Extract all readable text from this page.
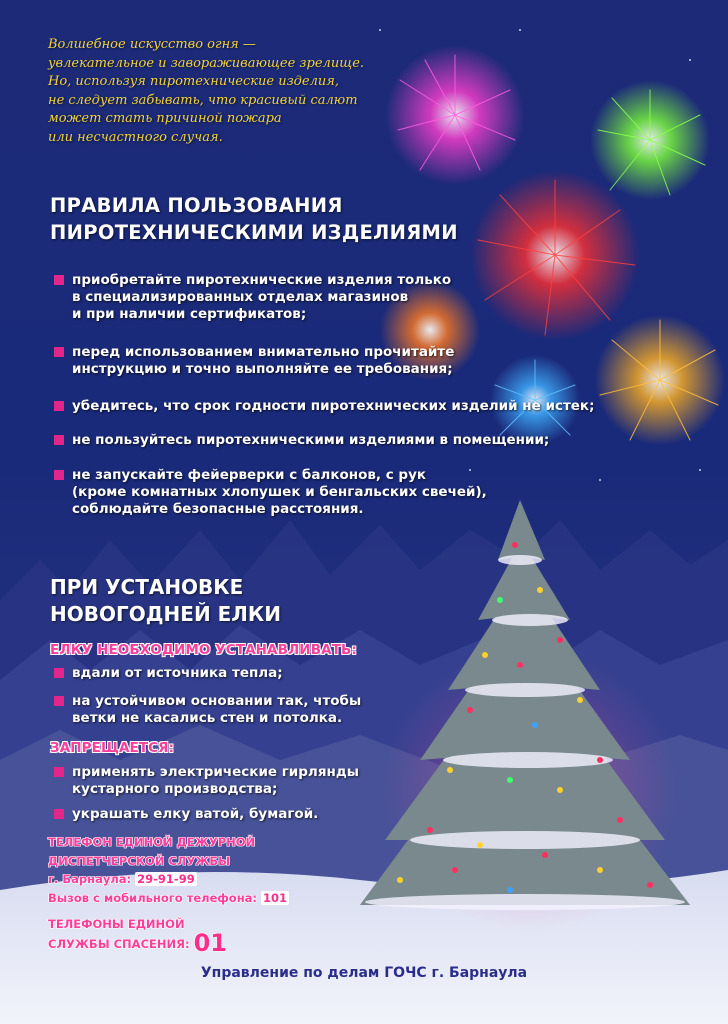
Волшебное искусство огня —
увлекательное и завораживающее зрелище.
Но, используя пиротехнические изделия,
не следует забывать, что красивый салют
может стать причиной пожара
или несчастного случая.
ПРАВИЛА ПОЛЬЗОВАНИЯ
ПИРОТЕХНИЧЕСКИМИ ИЗДЕЛИЯМИ
приобретайте пиротехнические изделия только
в специализированных отделах магазинов
и при наличии сертификатов;
перед использованием внимательно прочитайте
инструкцию и точно выполняйте ее требования;
убедитесь, что срок годности пиротехнических изделий не истек;
не пользуйтесь пиротехническими изделиями в помещении;
не запускайте фейерверки с балконов, с рук
(кроме комнатных хлопушек и бенгальских свечей),
соблюдайте безопасные расстояния.
ПРИ УСТАНОВКЕ
НОВОГОДНЕЙ ЕЛКИ
ЕЛКУ НЕОБХОДИМО УСТАНАВЛИВАТЬ:
вдали от источника тепла;
на устойчивом основании так, чтобы
ветки не касались стен и потолка.
ЗАПРЕЩАЕТСЯ:
применять электрические гирлянды
кустарного производства;
украшать елку ватой, бумагой.
ТЕЛЕФОН ЕДИНОЙ ДЕЖУРНОЙ
ДИСПЕТЧЕРСКОЙ СЛУЖБЫ
г. Барнаула: 29-91-99
Вызов с мобильного телефона: 101
ТЕЛЕФОНЫ ЕДИНОЙ
СЛУЖБЫ СПАСЕНИЯ: 01
Управление по делам ГОЧС г. Барнаула
